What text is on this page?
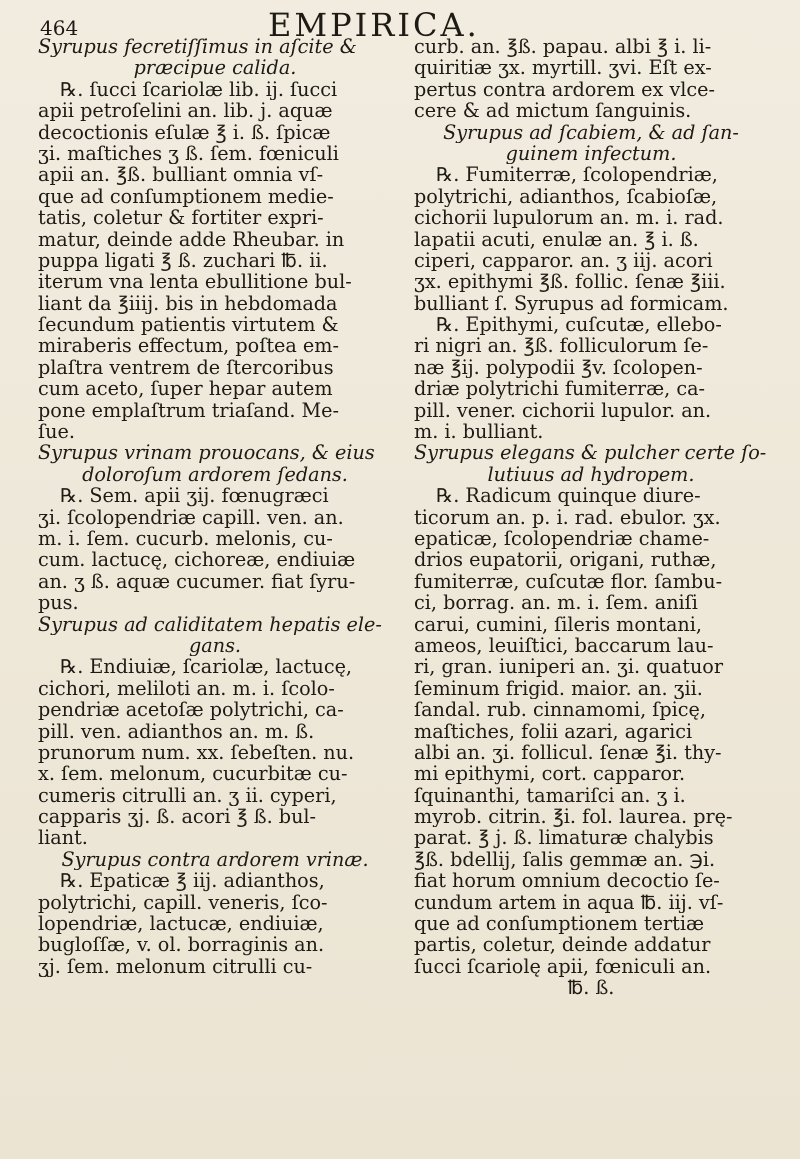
464	EMPIRICA.
Syrupus fecretiſſimus in aſcite &
præcipue calida.
℞. ſucci ſcariolæ lib. ij. ſucci
apii petroſelini an. lib. j. aquæ
decoctionis eſulæ ℥ i. ß. ſpicæ
ʒi. maſtiches ʒ ß. ſem. fœniculi
apii an. ℥ß. bulliant omnia vſ-
que ad conſumptionem medie-
tatis, coletur & fortiter expri-
matur, deinde adde Rheubar. in
puppa ligati ℥ ß. zuchari ℔. ii.
iterum vna lenta ebullitione bul-
liant da ℥iiij. bis in hebdomada
ſecundum patientis virtutem &
miraberis effectum, poſtea em-
plaſtra ventrem de ſtercoribus
cum aceto, ſuper hepar autem
pone emplaſtrum triaſand. Me-
ſue.
Syrupus vrinam prouocans, & eius
doloroſum ardorem ſedans.
℞. Sem. apii ʒij. fœnugræci
ʒi. ſcolopendriæ capill. ven. an.
m. i. ſem. cucurb. melonis, cu-
cum. lactucę, cichoreæ, endiuiæ
an. ʒ ß. aquæ cucumer. fiat ſyru-
pus.
Syrupus ad caliditatem hepatis ele-
gans.
℞. Endiuiæ, ſcariolæ, lactucę,
cichori, meliloti an. m. i. ſcolo-
pendriæ acetoſæ polytrichi, ca-
pill. ven. adianthos an. m. ß.
prunorum num. xx. ſebeſten. nu.
x. ſem. melonum, cucurbitæ cu-
cumeris citrulli an. ʒ ii. cyperi,
capparis ʒj. ß. acori ℥ ß. bul-
liant.
Syrupus contra ardorem vrinæ.
℞. Epaticæ ℥ iij. adianthos,
polytrichi, capill. veneris, ſco-
lopendriæ, lactucæ, endiuiæ,
bugloſſæ, v. ol. borraginis an.
ʒj. ſem. melonum citrulli cu-
curb. an. ℥ß. papau. albi ℥ i. li-
quiritiæ ʒx. myrtill. ʒvi. Eſt ex-
pertus contra ardorem ex vlce-
cere & ad mictum ſanguinis.
Syrupus ad ſcabiem, & ad ſan-
guinem infectum.
℞. Fumiterræ, ſcolopendriæ,
polytrichi, adianthos, ſcabioſæ,
cichorii lupulorum an. m. i. rad.
lapatii acuti, enulæ an. ℥ i. ß.
ciperi, capparor. an. ʒ iij. acori
ʒx. epithymi ℥ß. follic. ſenæ ℥iii.
bulliant ſ. Syrupus ad formicam.
℞. Epithymi, cuſcutæ, ellebo-
ri nigri an. ℥ß. folliculorum ſe-
næ ℥ij. polypodii ℥v. ſcolopen-
driæ polytrichi fumiterræ, ca-
pill. vener. cichorii lupulor. an.
m. i. bulliant.
Syrupus elegans & pulcher certe ſo-
lutiuus ad hydropem.
℞. Radicum quinque diure-
ticorum an. p. i. rad. ebulor. ʒx.
epaticæ, ſcolopendriæ chame-
drios eupatorii, origani, ruthæ,
fumiterræ, cuſcutæ flor. ſambu-
ci, borrag. an. m. i. ſem. aniſi
carui, cumini, ſileris montani,
ameos, leuiſtici, baccarum lau-
ri, gran. iuniperi an. ʒi. quatuor
ſeminum frigid. maior. an. ʒii.
ſandal. rub. cinnamomi, ſpicę,
maſtiches, folii azari, agarici
albi an. ʒi. follicul. ſenæ ℥i. thy-
mi epithymi, cort. capparor.
ſquinanthi, tamariſci an. ʒ i.
myrob. citrin. ℥i. fol. laurea. prę-
parat. ℥ j. ß. limaturæ chalybis
℥ß. bdellij, ſalis gemmæ an. ℈i.
fiat horum omnium decoctio ſe-
cundum artem in aqua ℔. iij. vſ-
que ad conſumptionem tertiæ
partis, coletur, deinde addatur
ſucci ſcariolę apii, fœniculi an.
℔. ß.
